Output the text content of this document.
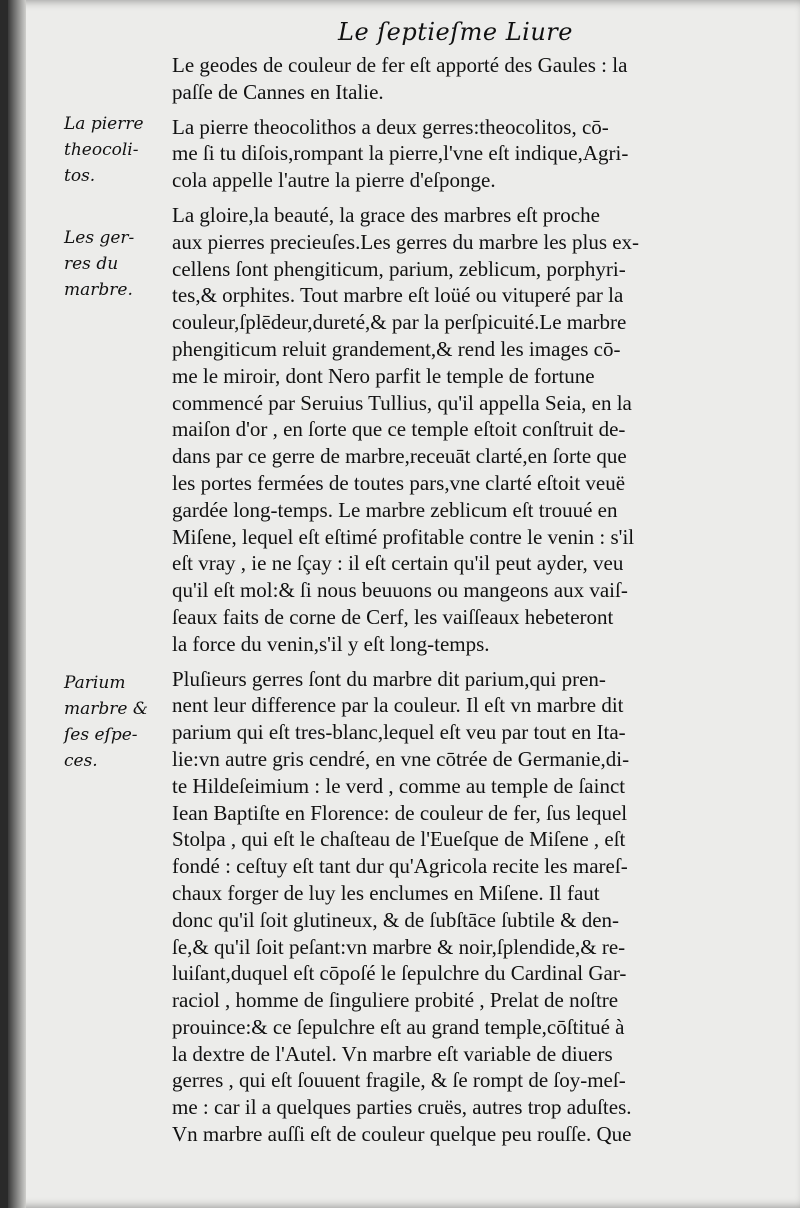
Le ſeptieſme Liure
La pierre
theocoli-
tos.
Les ger-
res du
marbre.
Parium
marbre &
ſes eſpe-
ces.
Le geodes de couleur de fer eſt apporté des Gaules : la
paſſe de Cannes en Italie.
La pierre theocolithos a deux gerres:theocolitos, cō-
me ſi tu diſois,rompant la pierre,l'vne eſt indique,Agri-
cola appelle l'autre la pierre d'eſponge.
La gloire,la beauté, la grace des marbres eſt proche
aux pierres precieuſes.Les gerres du marbre les plus ex-
cellens ſont phengiticum, parium, zeblicum, porphyri-
tes,& orphites. Tout marbre eſt loüé ou vituperé par la
couleur,ſplēdeur,dureté,& par la perſpicuité.Le marbre
phengiticum reluit grandement,& rend les images cō-
me le miroir, dont Nero parfit le temple de fortune
commencé par Seruius Tullius, qu'il appella Seia, en la
maiſon d'or , en ſorte que ce temple eſtoit conſtruit de-
dans par ce gerre de marbre,receuāt clarté,en ſorte que
les portes fermées de toutes pars,vne clarté eſtoit veuë
gardée long-temps. Le marbre zeblicum eſt trouué en
Miſene, lequel eſt eſtimé profitable contre le venin : s'il
eſt vray , ie ne ſçay : il eſt certain qu'il peut ayder, veu
qu'il eſt mol:& ſi nous beuuons ou mangeons aux vaiſ-
ſeaux faits de corne de Cerf, les vaiſſeaux hebeteront
la force du venin,s'il y eſt long-temps.
Pluſieurs gerres ſont du marbre dit parium,qui pren-
nent leur difference par la couleur. Il eſt vn marbre dit
parium qui eſt tres-blanc,lequel eſt veu par tout en Ita-
lie:vn autre gris cendré, en vne cōtrée de Germanie,di-
te Hildeſeimium : le verd , comme au temple de ſainct
Iean Baptiſte en Florence: de couleur de fer, ſus lequel
Stolpa , qui eſt le chaſteau de l'Eueſque de Miſene , eſt
fondé : ceſtuy eſt tant dur qu'Agricola recite les mareſ-
chaux forger de luy les enclumes en Miſene. Il faut
donc qu'il ſoit glutineux, & de ſubſtāce ſubtile & den-
ſe,& qu'il ſoit peſant:vn marbre & noir,ſplendide,& re-
luiſant,duquel eſt cōpoſé le ſepulchre du Cardinal Gar-
raciol , homme de ſinguliere probité , Prelat de noſtre
prouince:& ce ſepulchre eſt au grand temple,cōſtitué à
la dextre de l'Autel. Vn marbre eſt variable de diuers
gerres , qui eſt ſouuent fragile, & ſe rompt de ſoy-meſ-
me : car il a quelques parties cruës, autres trop aduſtes.
Vn marbre auſſi eſt de couleur quelque peu rouſſe. Que
